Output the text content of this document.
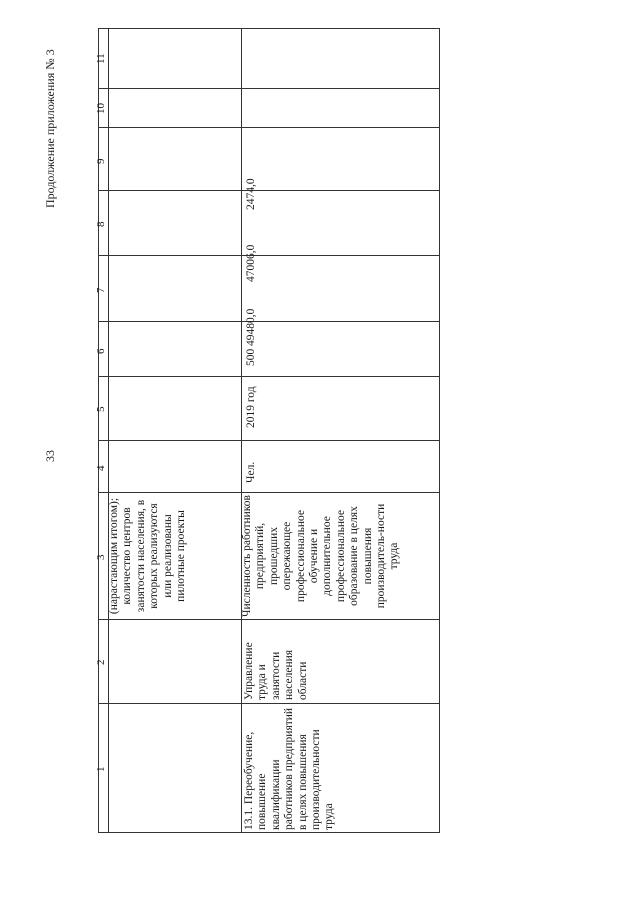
33
Продолжение приложения № 3	11
10
9
8
7
6
5
4
3
2
1
(нарастающим итогом); количество центров занятости населения, в которых реализуются или реализованы пилотные проекты
2474,0
47006,0
49480,0
500
2019 год
Чел.
Численность работников предприятий, прошедших опережающее профессиональное обучение и дополнительное профессиональное образование в целях повышения производитель-ности труда
Управление труда и занятости населения области
13.1. Переобучение, повышение квалификации работников предприятий в целях повышения производительности труда
